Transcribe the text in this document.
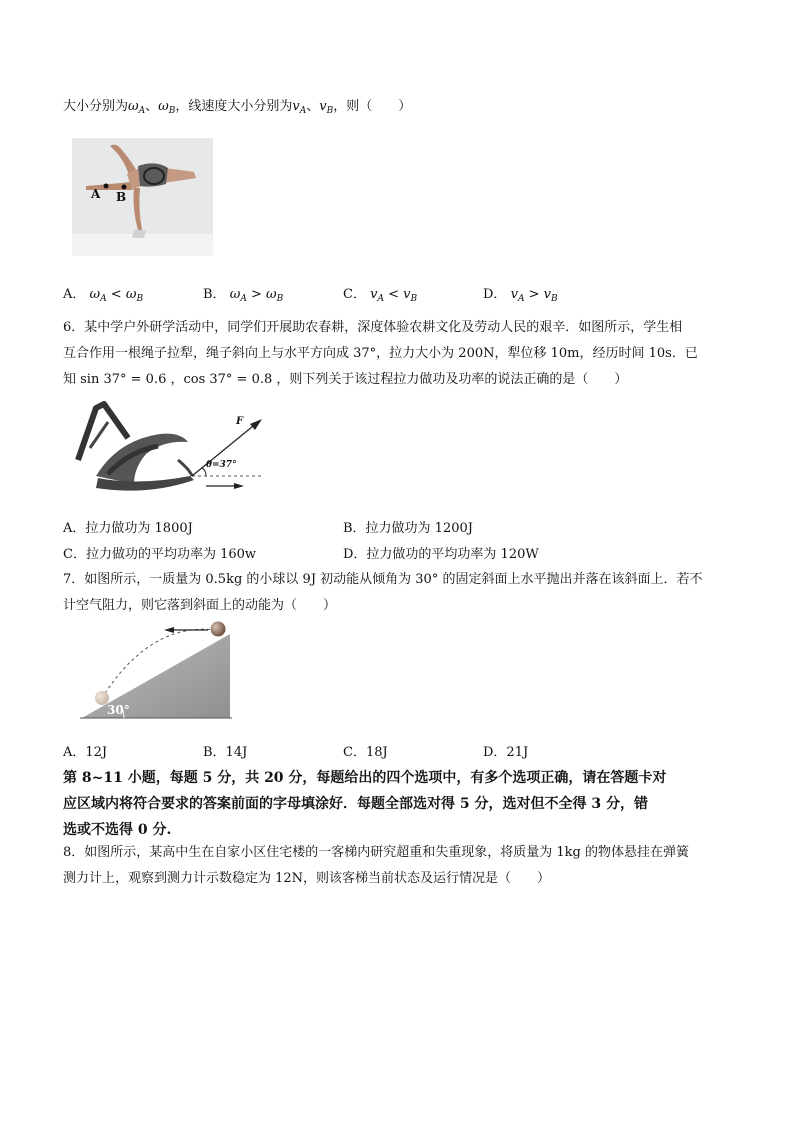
大小分别为$\omega_A$、$\omega_B$，线速度大小分别为$v_A$、$v_B$，则（　　）
A B
A． $\omega_A < \omega_B$	B． $\omega_A > \omega_B$	C． $v_A < v_B$	D． $v_A > v_B$
6．某中学户外研学活动中，同学们开展助农春耕，深度体验农耕文化及劳动人民的艰辛．如图所示，学生相
互合作用一根绳子拉犁，绳子斜向上与水平方向成 37°，拉力大小为 200N，犁位移 10m，经历时间 10s．已
知 sin 37° = 0.6 ，cos 37° = 0.8 ，则下列关于该过程拉力做功及功率的说法正确的是（　　）
F
θ=37°
A．拉力做功为 1800J	B．拉力做功为 1200J
C．拉力做功的平均功率为 160w	D．拉力做功的平均功率为 120W
7．如图所示，一质量为 0.5kg 的小球以 9J 初动能从倾角为 30° 的固定斜面上水平抛出并落在该斜面上．若不
计空气阻力，则它落到斜面上的动能为（　　）
30°
A．12J	B．14J	C．18J	D．21J
第 8~11 小题，每题 5 分，共 20 分，每题给出的四个选项中，有多个选项正确，请在答题卡对
应区域内将符合要求的答案前面的字母填涂好．每题全部选对得 5 分，选对但不全得 3 分，错
选或不选得 0 分.
8．如图所示，某高中生在自家小区住宅楼的一客梯内研究超重和失重现象，将质量为 1kg 的物体悬挂在弹簧
测力计上，观察到测力计示数稳定为 12N，则该客梯当前状态及运行情况是（　　）
